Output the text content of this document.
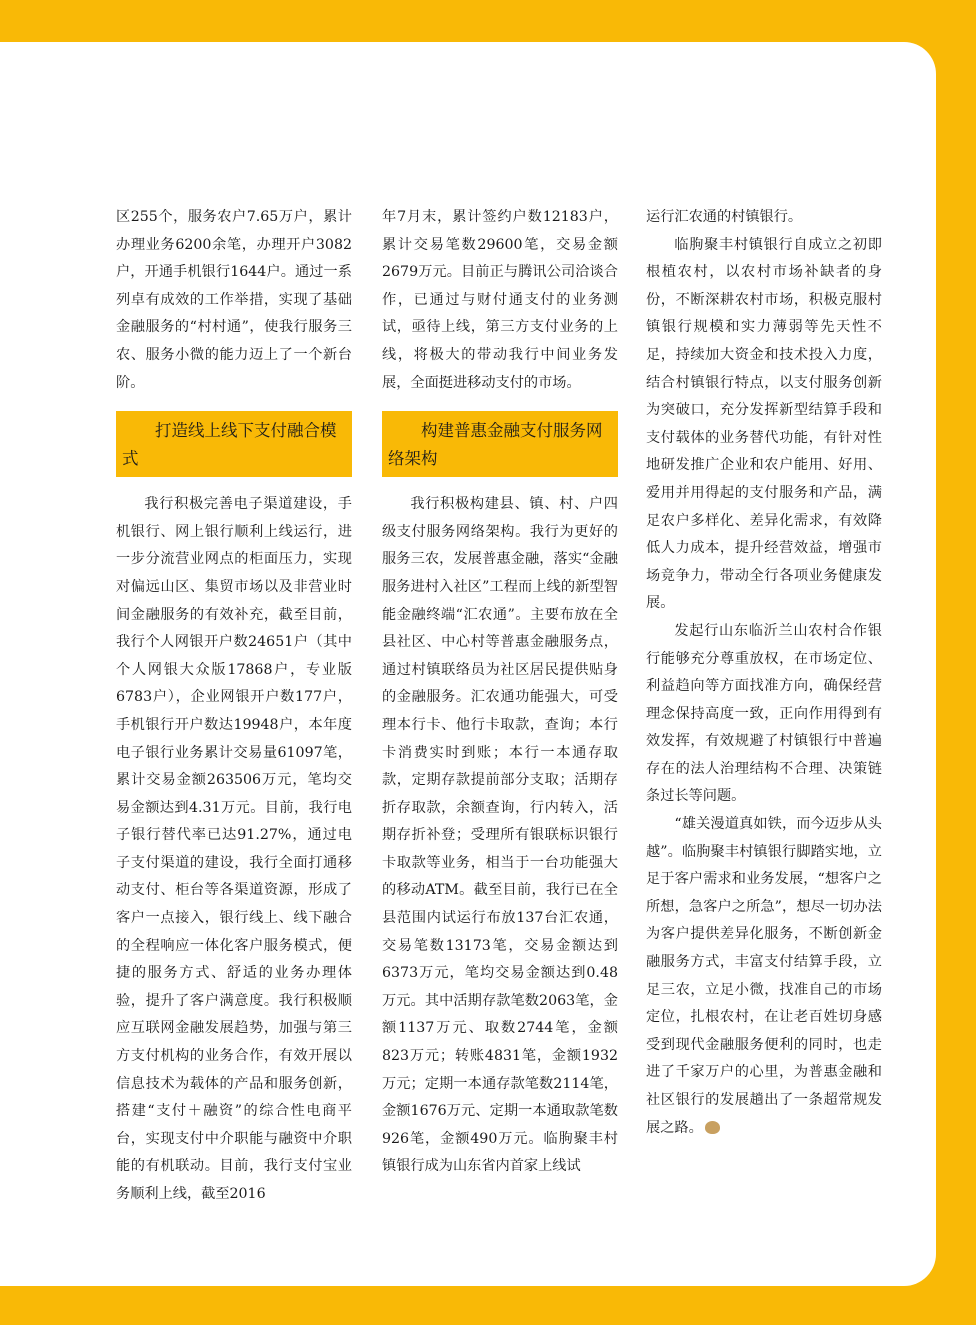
区255个，服务农户7.65万户，累计办理业务6200余笔，办理开户3082户，开通手机银行1644户。通过一系列卓有成效的工作举措，实现了基础金融服务的“村村通”，使我行服务三农、服务小微的能力迈上了一个新台阶。

打造线上线下支付融合模式

我行积极完善电子渠道建设，手机银行、网上银行顺利上线运行，进一步分流营业网点的柜面压力，实现对偏远山区、集贸市场以及非营业时间金融服务的有效补充，截至目前，我行个人网银开户数24651户（其中个人网银大众版17868户，专业版6783户），企业网银开户数177户，手机银行开户数达19948户，本年度电子银行业务累计交易量61097笔，累计交易金额263506万元，笔均交易金额达到4.31万元。目前，我行电子银行替代率已达91.27%，通过电子支付渠道的建设，我行全面打通移动支付、柜台等各渠道资源，形成了客户一点接入，银行线上、线下融合的全程响应一体化客户服务模式，便捷的服务方式、舒适的业务办理体验，提升了客户满意度。我行积极顺应互联网金融发展趋势，加强与第三方支付机构的业务合作，有效开展以信息技术为载体的产品和服务创新，搭建“支付＋融资”的综合性电商平台，实现支付中介职能与融资中介职能的有机联动。目前，我行支付宝业务顺利上线，截至2016

年7月末，累计签约户数12183户，累计交易笔数29600笔，交易金额2679万元。目前正与腾讯公司洽谈合作，已通过与财付通支付的业务测试，亟待上线，第三方支付业务的上线，将极大的带动我行中间业务发展，全面挺进移动支付的市场。

构建普惠金融支付服务网络架构

我行积极构建县、镇、村、户四级支付服务网络架构。我行为更好的服务三农，发展普惠金融，落实“金融服务进村入社区”工程而上线的新型智能金融终端“汇农通”。主要布放在全县社区、中心村等普惠金融服务点，通过村镇联络员为社区居民提供贴身的金融服务。汇农通功能强大，可受理本行卡、他行卡取款，查询；本行卡消费实时到账；本行一本通存取款，定期存款提前部分支取；活期存折存取款，余额查询，行内转入，活期存折补登；受理所有银联标识银行卡取款等业务，相当于一台功能强大的移动ATM。截至目前，我行已在全县范围内试运行布放137台汇农通，交易笔数13173笔，交易金额达到6373万元，笔均交易金额达到0.48万元。其中活期存款笔数2063笔，金额1137万元、取数2744笔，金额823万元；转账4831笔，金额1932万元；定期一本通存款笔数2114笔，金额1676万元、定期一本通取款笔数926笔，金额490万元。临朐聚丰村镇银行成为山东省内首家上线试

运行汇农通的村镇银行。

临朐聚丰村镇银行自成立之初即根植农村，以农村市场补缺者的身份，不断深耕农村市场，积极克服村镇银行规模和实力薄弱等先天性不足，持续加大资金和技术投入力度，结合村镇银行特点，以支付服务创新为突破口，充分发挥新型结算手段和支付载体的业务替代功能，有针对性地研发推广企业和农户能用、好用、爱用并用得起的支付服务和产品，满足农户多样化、差异化需求，有效降低人力成本，提升经营效益，增强市场竞争力，带动全行各项业务健康发展。

发起行山东临沂兰山农村合作银行能够充分尊重放权，在市场定位、利益趋向等方面找准方向，确保经营理念保持高度一致，正向作用得到有效发挥，有效规避了村镇银行中普遍存在的法人治理结构不合理、决策链条过长等问题。

“雄关漫道真如铁，而今迈步从头越”。临朐聚丰村镇银行脚踏实地，立足于客户需求和业务发展，“想客户之所想，急客户之所急”，想尽一切办法为客户提供差异化服务，不断创新金融服务方式，丰富支付结算手段，立足三农，立足小微，找准自己的市场定位，扎根农村，在让老百姓切身感受到现代金融服务便利的同时，也走进了千家万户的心里，为普惠金融和社区银行的发展趟出了一条超常规发展之路。
